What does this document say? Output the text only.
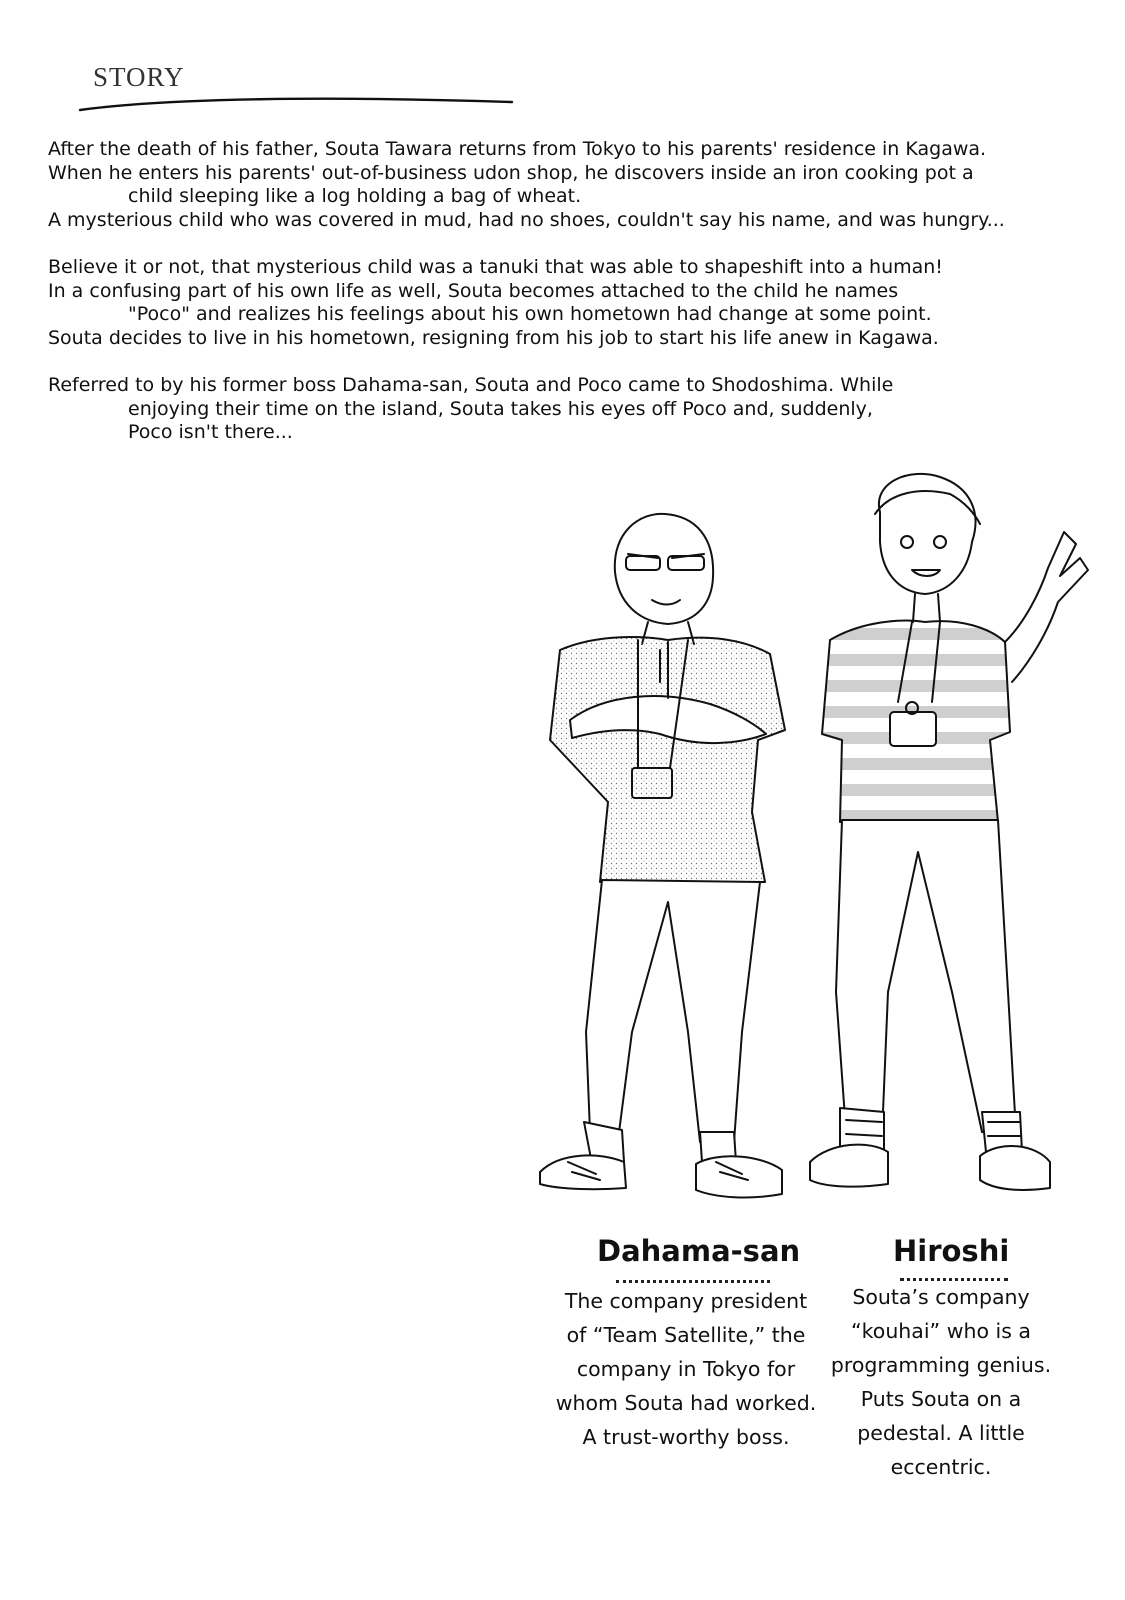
STORY
After the death of his father, Souta Tawara returns from Tokyo to his parents' residence in Kagawa.
When he enters his parents' out-of-business udon shop, he discovers inside an iron cooking pot a
child sleeping like a log holding a bag of wheat.
A mysterious child who was covered in mud, had no shoes, couldn't say his name, and was hungry...
Believe it or not, that mysterious child was a tanuki that was able to shapeshift into a human!
In a confusing part of his own life as well, Souta becomes attached to the child he names
"Poco" and realizes his feelings about his own hometown had change at some point.
Souta decides to live in his hometown, resigning from his job to start his life anew in Kagawa.
Referred to by his former boss Dahama-san, Souta and Poco came to Shodoshima. While
enjoying their time on the island, Souta takes his eyes off Poco and, suddenly,
Poco isn't there...
Dahama-san
The company president
of “Team Satellite,” the
company in Tokyo for
whom Souta had worked.
A trust-worthy boss.
Hiroshi
Souta’s company
“kouhai” who is a
programming genius.
Puts Souta on a
pedestal. A little
eccentric.
